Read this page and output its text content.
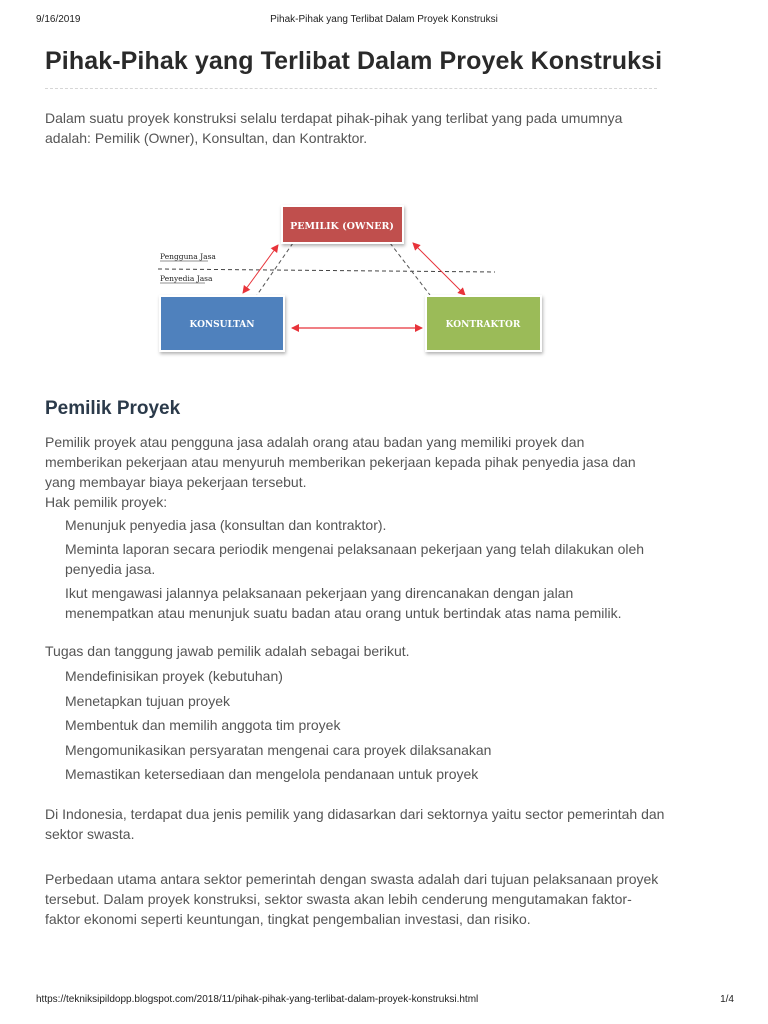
9/16/2019	Pihak-Pihak yang Terlibat Dalam Proyek Konstruksi
Pihak-Pihak yang Terlibat Dalam Proyek Konstruksi

Dalam suatu proyek konstruksi selalu terdapat pihak-pihak yang terlibat yang pada umumnya adalah: Pemilik (Owner), Konsultan, dan Kontraktor.

Pengguna Jasa
Penyedia Jasa
PEMILIK (OWNER)
KONSULTAN	KONTRAKTOR
Pemilik Proyek

Pemilik proyek atau pengguna jasa adalah orang atau badan yang memiliki proyek dan memberikan pekerjaan atau menyuruh memberikan pekerjaan kepada pihak penyedia jasa dan yang membayar biaya pekerjaan tersebut.

Hak pemilik proyek:

Menunjuk penyedia jasa (konsultan dan kontraktor).
Meminta laporan secara periodik mengenai pelaksanaan pekerjaan yang telah dilakukan oleh penyedia jasa.
Ikut mengawasi jalannya pelaksanaan pekerjaan yang direncanakan dengan jalan menempatkan atau menunjuk suatu badan atau orang untuk bertindak atas nama pemilik.

Tugas dan tanggung jawab pemilik adalah sebagai berikut.

Mendefinisikan proyek (kebutuhan)
Menetapkan tujuan proyek
Membentuk dan memilih anggota tim proyek
Mengomunikasikan persyaratan mengenai cara proyek dilaksanakan
Memastikan ketersediaan dan mengelola pendanaan untuk proyek

Di Indonesia, terdapat dua jenis pemilik yang didasarkan dari sektornya yaitu sector pemerintah dan sektor swasta.

Perbedaan utama antara sektor pemerintah dengan swasta adalah dari tujuan pelaksanaan proyek tersebut. Dalam proyek konstruksi, sektor swasta akan lebih cenderung mengutamakan faktor-faktor ekonomi seperti keuntungan, tingkat pengembalian investasi, dan risiko.

https://tekniksipildopp.blogspot.com/2018/11/pihak-pihak-yang-terlibat-dalam-proyek-konstruksi.html	1/4
